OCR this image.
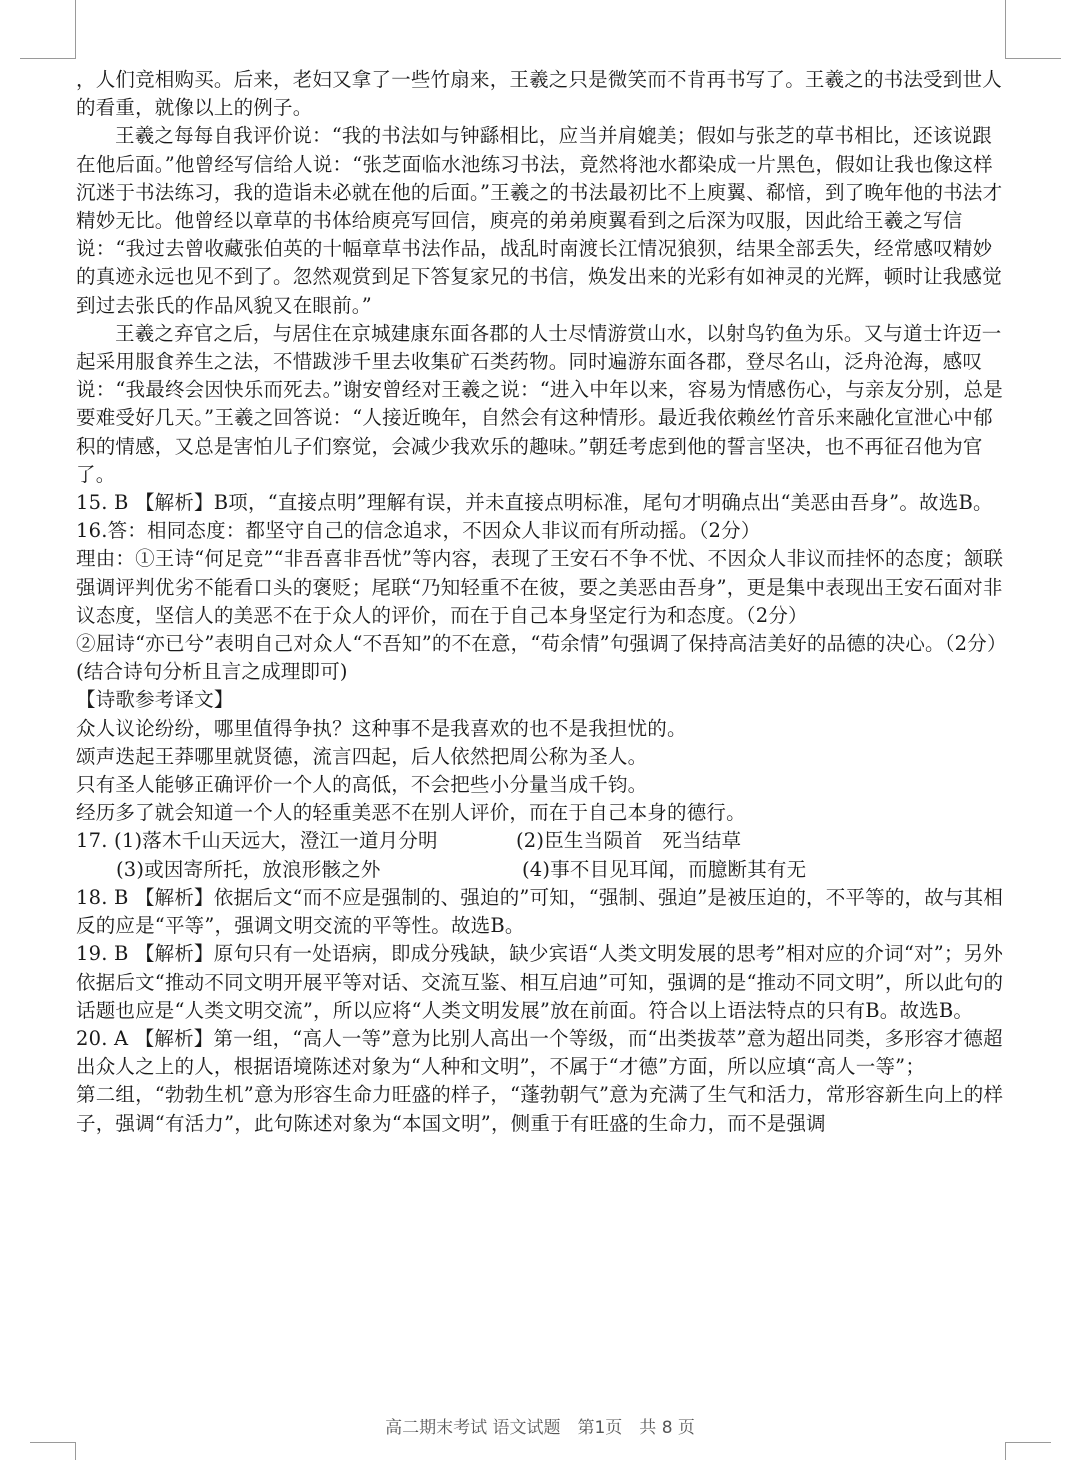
，人们竞相购买。后来，老妇又拿了一些竹扇来，王羲之只是微笑而不肯再书写了。王羲之的书法受到世人的看重，就像以上的例子。

王羲之每每自我评价说：“我的书法如与钟繇相比，应当并肩媲美；假如与张芝的草书相比，还该说跟在他后面。”他曾经写信给人说：“张芝面临水池练习书法，竟然将池水都染成一片黑色，假如让我也像这样沉迷于书法练习，我的造诣未必就在他的后面。”王羲之的书法最初比不上庾翼、郗愔，到了晚年他的书法才精妙无比。他曾经以章草的书体给庾亮写回信，庾亮的弟弟庾翼看到之后深为叹服，因此给王羲之写信说：“我过去曾收藏张伯英的十幅章草书法作品，战乱时南渡长江情况狼狈，结果全部丢失，经常感叹精妙的真迹永远也见不到了。忽然观赏到足下答复家兄的书信，焕发出来的光彩有如神灵的光辉，顿时让我感觉到过去张氏的作品风貌又在眼前。”

王羲之弃官之后，与居住在京城建康东面各郡的人士尽情游赏山水，以射鸟钓鱼为乐。又与道士许迈一起采用服食养生之法，不惜跋涉千里去收集矿石类药物。同时遍游东面各郡，登尽名山，泛舟沧海，感叹说：“我最终会因快乐而死去。”谢安曾经对王羲之说：“进入中年以来，容易为情感伤心，与亲友分别，总是要难受好几天。”王羲之回答说：“人接近晚年，自然会有这种情形。最近我依赖丝竹音乐来融化宣泄心中郁积的情感，又总是害怕儿子们察觉，会减少我欢乐的趣味。”朝廷考虑到他的誓言坚决，也不再征召他为官了。

15. B 【解析】B项，“直接点明”理解有误，并未直接点明标准，尾句才明确点出“美恶由吾身”。故选B。

16.答：相同态度：都坚守自己的信念追求，不因众人非议而有所动摇。（2分）

理由：①王诗“何足竞”“非吾喜非吾忧”等内容，表现了王安石不争不忧、不因众人非议而挂怀的态度；颔联强调评判优劣不能看口头的褒贬；尾联“乃知轻重不在彼，要之美恶由吾身”，更是集中表现出王安石面对非议态度，坚信人的美恶不在于众人的评价，而在于自己本身坚定行为和态度。（2分）

②屈诗“亦已兮”表明自己对众人“不吾知”的不在意，“苟余情”句强调了保持高洁美好的品德的决心。（2分）　(结合诗句分析且言之成理即可)

【诗歌参考译文】

众人议论纷纷，哪里值得争执？这种事不是我喜欢的也不是我担忧的。

颂声迭起王莽哪里就贤德，流言四起，后人依然把周公称为圣人。

只有圣人能够正确评价一个人的高低，不会把些小分量当成千钧。

经历多了就会知道一个人的轻重美恶不在别人评价，而在于自己本身的德行。

17. (1)落木千山天远大，澄江一道月分明	(2)臣生当陨首　死当结草
(3)或因寄所托，放浪形骸之外	(4)事不目见耳闻，而臆断其有无

18. B 【解析】依据后文“而不应是强制的、强迫的”可知，“强制、强迫”是被压迫的，不平等的，故与其相反的应是“平等”，强调文明交流的平等性。故选B。

19. B 【解析】原句只有一处语病，即成分残缺，缺少宾语“人类文明发展的思考”相对应的介词“对”；另外依据后文“推动不同文明开展平等对话、交流互鉴、相互启迪”可知，强调的是“推动不同文明”，所以此句的话题也应是“人类文明交流”，所以应将“人类文明发展”放在前面。符合以上语法特点的只有B。故选B。

20. A 【解析】第一组，“高人一等”意为比别人高出一个等级，而“出类拔萃”意为超出同类，多形容才德超出众人之上的人，根据语境陈述对象为“人种和文明”，不属于“才德”方面，所以应填“高人一等”；

第二组，“勃勃生机”意为形容生命力旺盛的样子，“蓬勃朝气”意为充满了生气和活力，常形容新生向上的样子，强调“有活力”，此句陈述对象为“本国文明”，侧重于有旺盛的生命力，而不是强调

高二期末考试 语文试题　第1页　共 8 页
